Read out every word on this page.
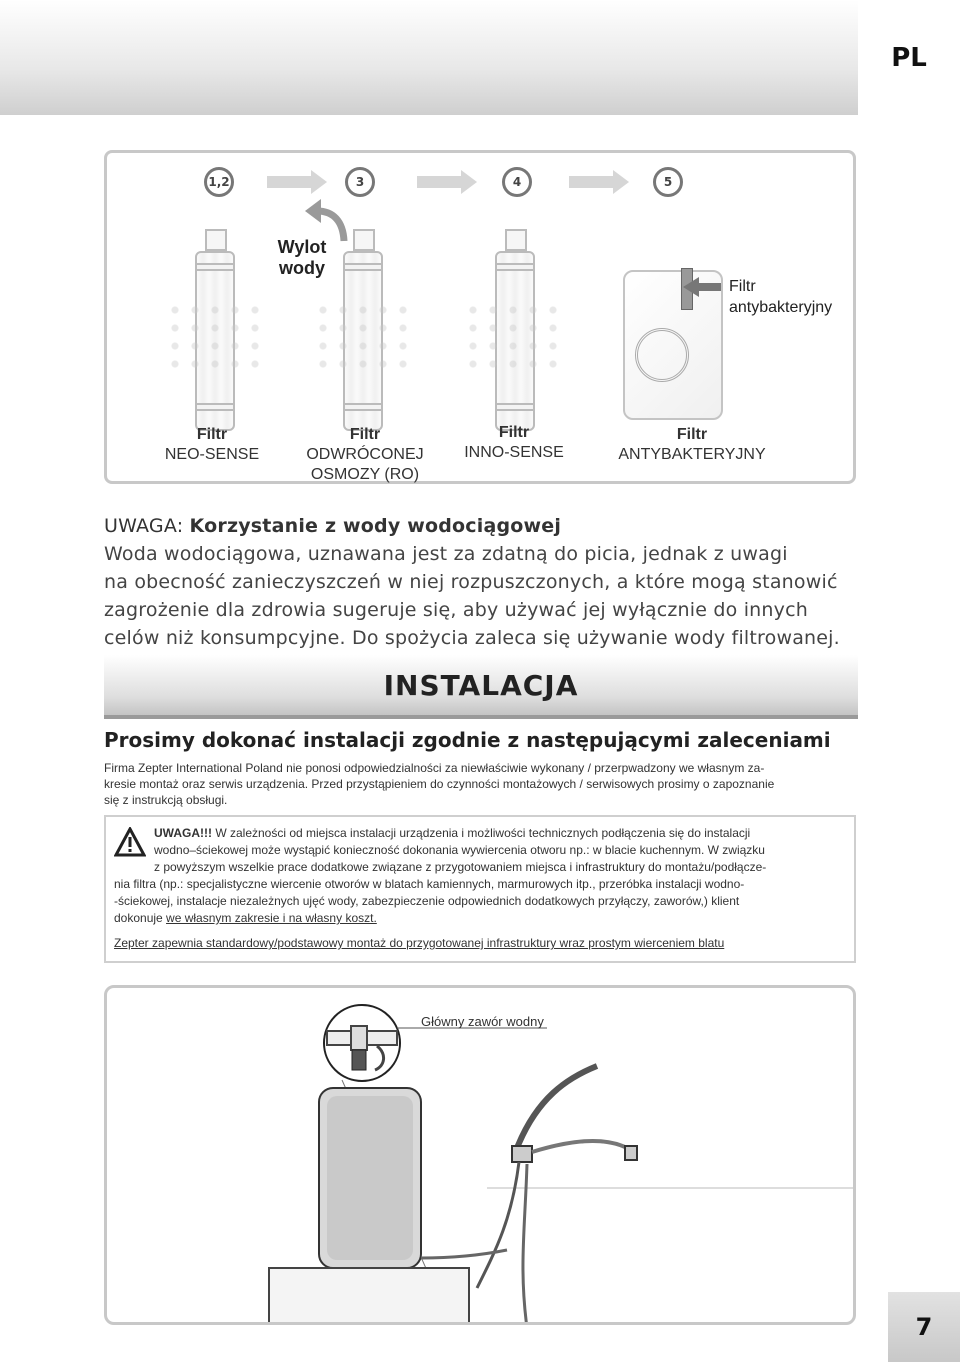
PL
1,2	3	4	5
Wylot
wody
Filtr
antybakteryjny
Filtr
NEO-SENSE
Filtr
ODWRÓCONEJ
OSMOZY (RO)
Filtr
INNO-SENSE
Filtr
ANTYBAKTERYJNY
UWAGA: Korzystanie z wody wodociągowej
Woda wodociągowa, uznawana jest za zdatną do picia, jednak z uwagi
na obecność zanieczyszczeń w niej rozpuszczonych, a które mogą stanowić
zagrożenie dla zdrowia sugeruje się, aby używać jej wyłącznie do innych
celów niż konsumpcyjne. Do spożycia zaleca się używanie wody filtrowanej.
INSTALACJA
Prosimy dokonać instalacji zgodnie z następującymi zaleceniami
Firma Zepter International Poland nie ponosi odpowiedzialności za niewłaściwie wykonany / przerpwadzony we własnym za-
kresie montaż oraz serwis urządzenia. Przed przystąpieniem do czynności montażowych / serwisowych prosimy o zapoznanie
się z instrukcją obsługi.
UWAGA!!! W zależności od miejsca instalacji urządzenia i możliwości technicznych podłączenia się do instalacji
wodno–ściekowej może wystąpić konieczność dokonania wywiercenia otworu np.: w blacie kuchennym. W związku
z powyższym wszelkie prace dodatkowe związane z przygotowaniem miejsca i infrastruktury do montażu/podłącze-
nia filtra (np.: specjalistyczne wiercenie otworów w blatach kamiennych, marmurowych itp., przeróbka instalacji wodno-
-ściekowej, instalacje niezależnych ujęć wody, zabezpieczenie odpowiednich dodatkowych przyłączy, zaworów,) klient
dokonuje we własnym zakresie i na własny koszt.
Zepter zapewnia standardowy/podstawowy montaż do przygotowanej infrastruktury wraz prostym wierceniem blatu
Główny zawór wodny
7
